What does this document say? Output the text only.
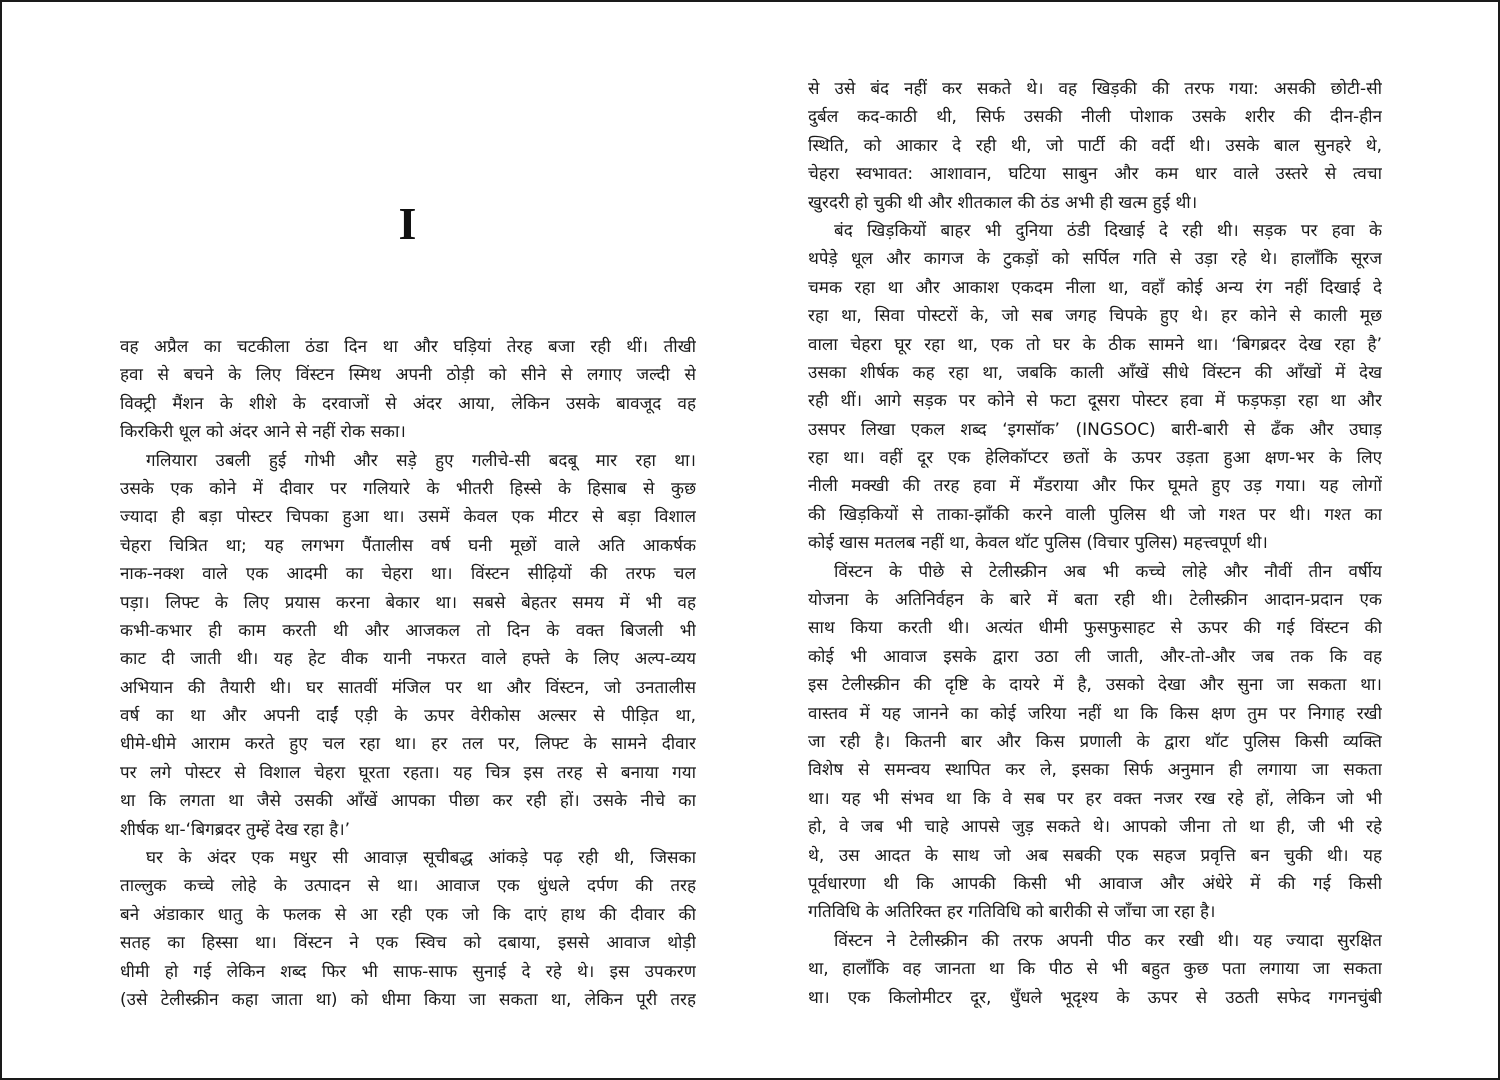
I
वह अप्रैल का चटकीला ठंडा दिन था और घड़ियां तेरह बजा रही थीं। तीखी
हवा से बचने के लिए विंस्टन स्मिथ अपनी ठोड़ी को सीने से लगाए जल्दी से
विक्ट्री मैंशन के शीशे के दरवाजों से अंदर आया, लेकिन उसके बावजूद वह
किरकिरी धूल को अंदर आने से नहीं रोक सका।
गलियारा उबली हुई गोभी और सड़े हुए गलीचे-सी बदबू मार रहा था।
उसके एक कोने में दीवार पर गलियारे के भीतरी हिस्से के हिसाब से कुछ
ज्यादा ही बड़ा पोस्टर चिपका हुआ था। उसमें केवल एक मीटर से बड़ा विशाल
चेहरा चित्रित था; यह लगभग पैंतालीस वर्ष घनी मूछों वाले अति आकर्षक
नाक-नक्श वाले एक आदमी का चेहरा था। विंस्टन सीढ़ियों की तरफ चल
पड़ा। लिफ्ट के लिए प्रयास करना बेकार था। सबसे बेहतर समय में भी वह
कभी-कभार ही काम करती थी और आजकल तो दिन के वक्त बिजली भी
काट दी जाती थी। यह हेट वीक यानी नफरत वाले हफ्ते के लिए अल्प-व्यय
अभियान की तैयारी थी। घर सातवीं मंजिल पर था और विंस्टन, जो उनतालीस
वर्ष का था और अपनी दाईं एड़ी के ऊपर वेरीकोस अल्सर से पीड़ित था,
धीमे-धीमे आराम करते हुए चल रहा था। हर तल पर, लिफ्ट के सामने दीवार
पर लगे पोस्टर से विशाल चेहरा घूरता रहता। यह चित्र इस तरह से बनाया गया
था कि लगता था जैसे उसकी आँखें आपका पीछा कर रही हों। उसके नीचे का
शीर्षक था-‘बिगब्रदर तुम्हें देख रहा है।’
घर के अंदर एक मधुर सी आवाज़ सूचीबद्ध आंकड़े पढ़ रही थी, जिसका
ताल्लुक कच्चे लोहे के उत्पादन से था। आवाज एक धुंधले दर्पण की तरह
बने अंडाकार धातु के फलक से आ रही एक जो कि दाएं हाथ की दीवार की
सतह का हिस्सा था। विंस्टन ने एक स्विच को दबाया, इससे आवाज थोड़ी
धीमी हो गई लेकिन शब्द फिर भी साफ-साफ सुनाई दे रहे थे। इस उपकरण
(उसे टेलीस्क्रीन कहा जाता था) को धीमा किया जा सकता था, लेकिन पूरी तरह
से उसे बंद नहीं कर सकते थे। वह खिड़की की तरफ गया: असकी छोटी-सी
दुर्बल कद-काठी थी, सिर्फ उसकी नीली पोशाक उसके शरीर की दीन-हीन
स्थिति, को आकार दे रही थी, जो पार्टी की वर्दी थी। उसके बाल सुनहरे थे,
चेहरा स्वभावत: आशावान, घटिया साबुन और कम धार वाले उस्तरे से त्वचा
खुरदरी हो चुकी थी और शीतकाल की ठंड अभी ही खत्म हुई थी।
बंद खिड़कियों बाहर भी दुनिया ठंडी दिखाई दे रही थी। सड़क पर हवा के
थपेड़े धूल और कागज के टुकड़ों को सर्पिल गति से उड़ा रहे थे। हालाँकि सूरज
चमक रहा था और आकाश एकदम नीला था, वहाँ कोई अन्य रंग नहीं दिखाई दे
रहा था, सिवा पोस्टरों के, जो सब जगह चिपके हुए थे। हर कोने से काली मूछ
वाला चेहरा घूर रहा था, एक तो घर के ठीक सामने था। ‘बिगब्रदर देख रहा है’
उसका शीर्षक कह रहा था, जबकि काली आँखें सीधे विंस्टन की आँखों में देख
रही थीं। आगे सड़क पर कोने से फटा दूसरा पोस्टर हवा में फड़फड़ा रहा था और
उसपर लिखा एकल शब्द ‘इगसॉक’ (INGSOC) बारी-बारी से ढँक और उघाड़
रहा था। वहीं दूर एक हेलिकॉप्टर छतों के ऊपर उड़ता हुआ क्षण-भर के लिए
नीली मक्खी की तरह हवा में मँडराया और फिर घूमते हुए उड़ गया। यह लोगों
की खिड़कियों से ताका-झाँकी करने वाली पुलिस थी जो गश्त पर थी। गश्त का
कोई खास मतलब नहीं था, केवल थॉट पुलिस (विचार पुलिस) महत्त्वपूर्ण थी।
विंस्टन के पीछे से टेलीस्क्रीन अब भी कच्चे लोहे और नौवीं तीन वर्षीय
योजना के अतिनिर्वहन के बारे में बता रही थी। टेलीस्क्रीन आदान-प्रदान एक
साथ किया करती थी। अत्यंत धीमी फुसफुसाहट से ऊपर की गई विंस्टन की
कोई भी आवाज इसके द्वारा उठा ली जाती, और-तो-और जब तक कि वह
इस टेलीस्क्रीन की दृष्टि के दायरे में है, उसको देखा और सुना जा सकता था।
वास्तव में यह जानने का कोई जरिया नहीं था कि किस क्षण तुम पर निगाह रखी
जा रही है। कितनी बार और किस प्रणाली के द्वारा थॉट पुलिस किसी व्यक्ति
विशेष से समन्वय स्थापित कर ले, इसका सिर्फ अनुमान ही लगाया जा सकता
था। यह भी संभव था कि वे सब पर हर वक्त नजर रख रहे हों, लेकिन जो भी
हो, वे जब भी चाहे आपसे जुड़ सकते थे। आपको जीना तो था ही, जी भी रहे
थे, उस आदत के साथ जो अब सबकी एक सहज प्रवृत्ति बन चुकी थी। यह
पूर्वधारणा थी कि आपकी किसी भी आवाज और अंधेरे में की गई किसी
गतिविधि के अतिरिक्त हर गतिविधि को बारीकी से जाँचा जा रहा है।
विंस्टन ने टेलीस्क्रीन की तरफ अपनी पीठ कर रखी थी। यह ज्यादा सुरक्षित
था, हालाँकि वह जानता था कि पीठ से भी बहुत कुछ पता लगाया जा सकता
था। एक किलोमीटर दूर, धुँधले भूदृश्य के ऊपर से उठती सफेद गगनचुंबी
